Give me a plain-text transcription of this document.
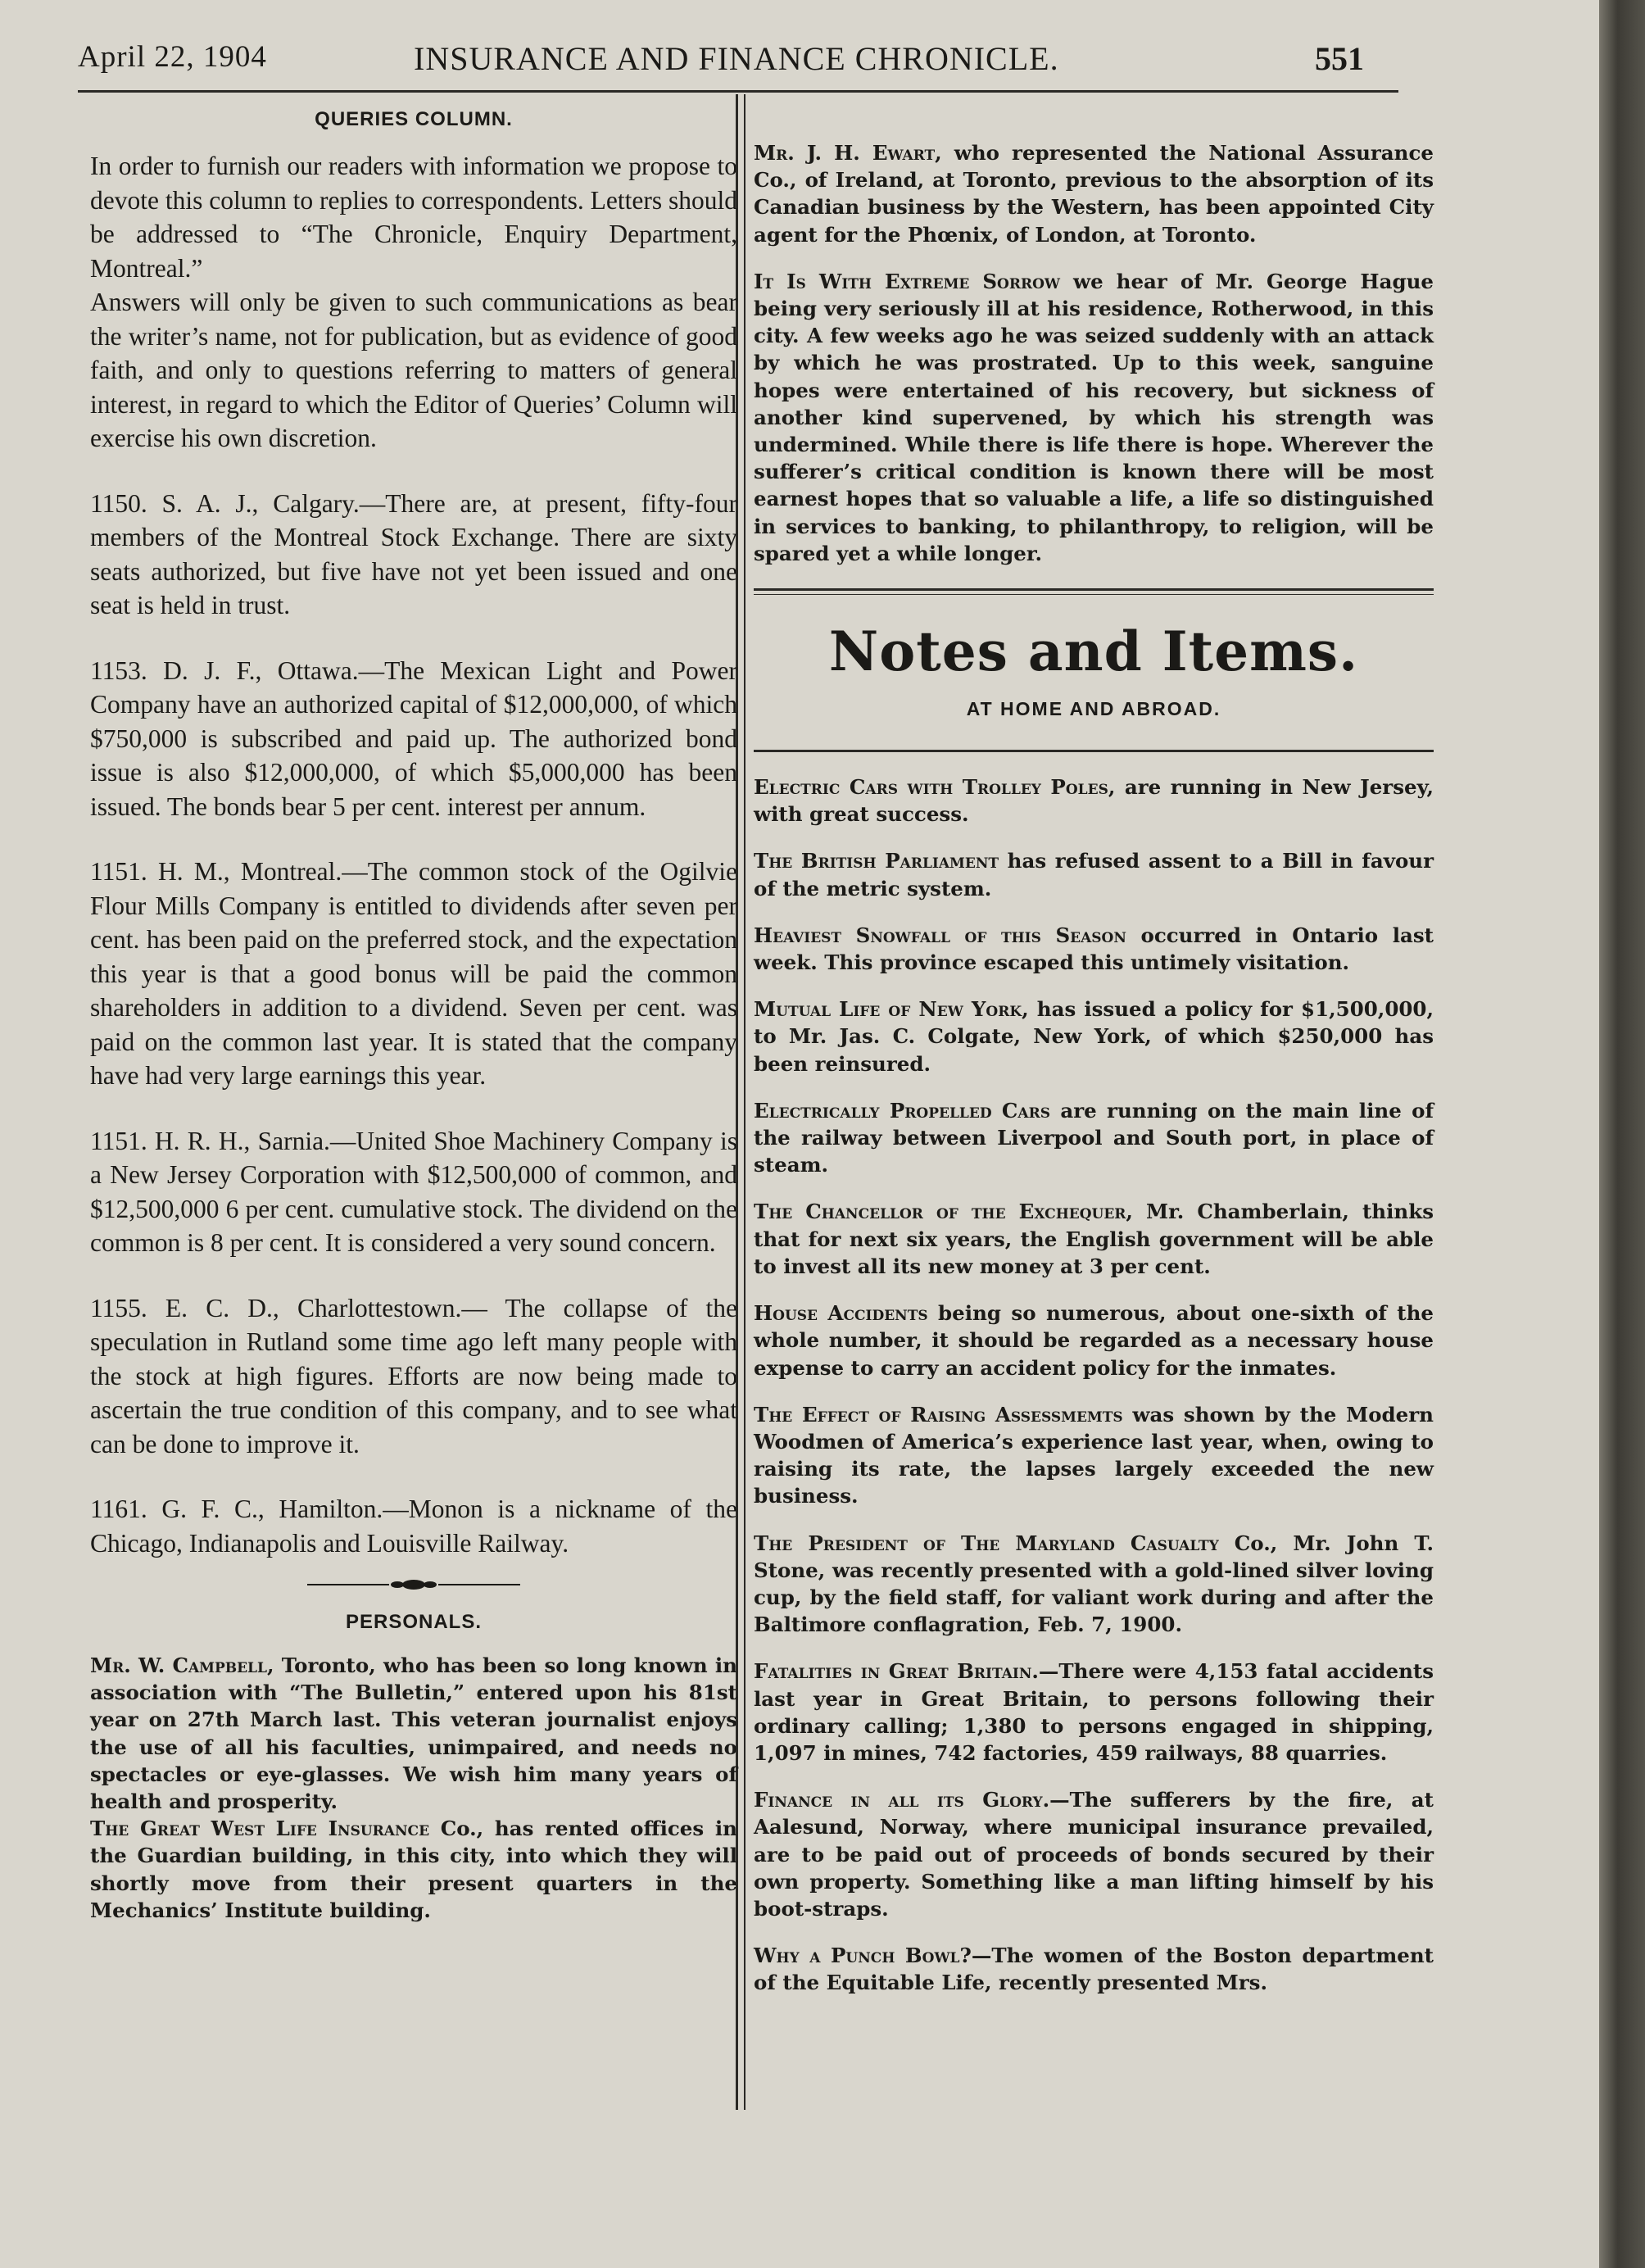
April 22, 1904	INSURANCE AND FINANCE CHRONICLE.	551
QUERIES COLUMN.

In order to furnish our readers with information we propose to devote this column to replies to correspondents. Letters should be addressed to “The Chronicle, Enquiry Department, Montreal.”

Answers will only be given to such communications as bear the writer’s name, not for publication, but as evidence of good faith, and only to questions referring to matters of general interest, in regard to which the Editor of Queries’ Column will exercise his own discretion.

1150. S. A. J., Calgary.—There are, at present, fifty-four members of the Montreal Stock Exchange. There are sixty seats authorized, but five have not yet been issued and one seat is held in trust.

1153. D. J. F., Ottawa.—The Mexican Light and Power Company have an authorized capital of $12,000,000, of which $750,000 is subscribed and paid up. The authorized bond issue is also $12,000,000, of which $5,000,000 has been issued. The bonds bear 5 per cent. interest per annum.

1151. H. M., Montreal.—The common stock of the Ogilvie Flour Mills Company is entitled to dividends after seven per cent. has been paid on the preferred stock, and the expectation this year is that a good bonus will be paid the common shareholders in addition to a dividend. Seven per cent. was paid on the common last year. It is stated that the company have had very large earnings this year.

1151. H. R. H., Sarnia.—United Shoe Machinery Company is a New Jersey Corporation with $12,500,000 of common, and $12,500,000 6 per cent. cumulative stock. The dividend on the common is 8 per cent. It is considered a very sound concern.

1155. E. C. D., Charlottestown.— The collapse of the speculation in Rutland some time ago left many people with the stock at high figures. Efforts are now being made to ascertain the true condition of this company, and to see what can be done to improve it.

1161. G. F. C., Hamilton.—Monon is a nickname of the Chicago, Indianapolis and Louisville Railway.

PERSONALS.

Mr. W. Campbell, Toronto, who has been so long known in association with “The Bulletin,” entered upon his 81st year on 27th March last. This veteran journalist enjoys the use of all his faculties, unimpaired, and needs no spectacles or eye-glasses. We wish him many years of health and prosperity.

The Great West Life Insurance Co., has rented offices in the Guardian building, in this city, into which they will shortly move from their present quarters in the Mechanics’ Institute building.

Mr. J. H. Ewart, who represented the National Assurance Co., of Ireland, at Toronto, previous to the absorption of its Canadian business by the Western, has been appointed City agent for the Phœnix, of London, at Toronto.

It Is With Extreme Sorrow we hear of Mr. George Hague being very seriously ill at his residence, Rotherwood, in this city. A few weeks ago he was seized suddenly with an attack by which he was prostrated. Up to this week, sanguine hopes were entertained of his recovery, but sickness of another kind supervened, by which his strength was undermined. While there is life there is hope. Wherever the sufferer’s critical condition is known there will be most earnest hopes that so valuable a life, a life so distinguished in services to banking, to philanthropy, to religion, will be spared yet a while longer.

Notes and Items.
AT HOME AND ABROAD.

Electric Cars with Trolley Poles, are running in New Jersey, with great success.

The British Parliament has refused assent to a Bill in favour of the metric system.

Heaviest Snowfall of this Season occurred in Ontario last week. This province escaped this untimely visitation.

Mutual Life of New York, has issued a policy for $1,500,000, to Mr. Jas. C. Colgate, New York, of which $250,000 has been reinsured.

Electrically Propelled Cars are running on the main line of the railway between Liverpool and South port, in place of steam.

The Chancellor of the Exchequer, Mr. Chamberlain, thinks that for next six years, the English government will be able to invest all its new money at 3 per cent.

House Accidents being so numerous, about one-sixth of the whole number, it should be regarded as a necessary house expense to carry an accident policy for the inmates.

The Effect of Raising Assessmemts was shown by the Modern Woodmen of America’s experience last year, when, owing to raising its rate, the lapses largely exceeded the new business.

The President of The Maryland Casualty Co., Mr. John T. Stone, was recently presented with a gold-lined silver loving cup, by the field staff, for valiant work during and after the Baltimore conflagration, Feb. 7, 1900.

Fatalities in Great Britain.—There were 4,153 fatal accidents last year in Great Britain, to persons following their ordinary calling; 1,380 to persons engaged in shipping, 1,097 in mines, 742 factories, 459 railways, 88 quarries.

Finance in all its Glory.—The sufferers by the fire, at Aalesund, Norway, where municipal insurance prevailed, are to be paid out of proceeds of bonds secured by their own property. Something like a man lifting himself by his boot-straps.

Why a Punch Bowl?—The women of the Boston department of the Equitable Life, recently presented Mrs.
